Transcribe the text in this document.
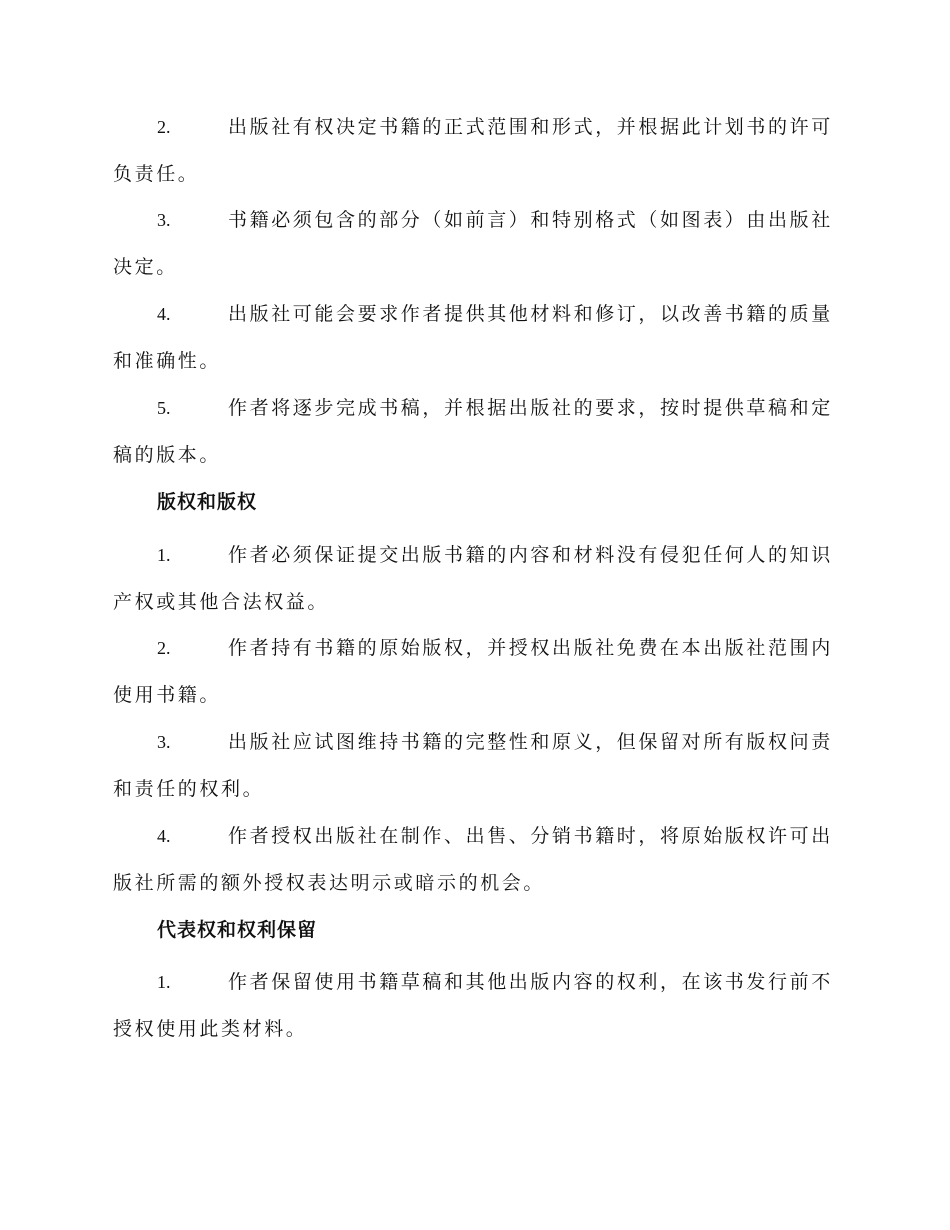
2.	出版社有权决定书籍的正式范围和形式，并根据此计划书的许可
负责任。
3.	书籍必须包含的部分（如前言）和特别格式（如图表）由出版社
决定。
4.	出版社可能会要求作者提供其他材料和修订，以改善书籍的质量
和准确性。
5.	作者将逐步完成书稿，并根据出版社的要求，按时提供草稿和定
稿的版本。
版权和版权
1.	作者必须保证提交出版书籍的内容和材料没有侵犯任何人的知识
产权或其他合法权益。
2.	作者持有书籍的原始版权，并授权出版社免费在本出版社范围内
使用书籍。
3.	出版社应试图维持书籍的完整性和原义，但保留对所有版权问责
和责任的权利。
4.	作者授权出版社在制作、出售、分销书籍时，将原始版权许可出
版社所需的额外授权表达明示或暗示的机会。
代表权和权利保留
1.	作者保留使用书籍草稿和其他出版内容的权利，在该书发行前不
授权使用此类材料。
